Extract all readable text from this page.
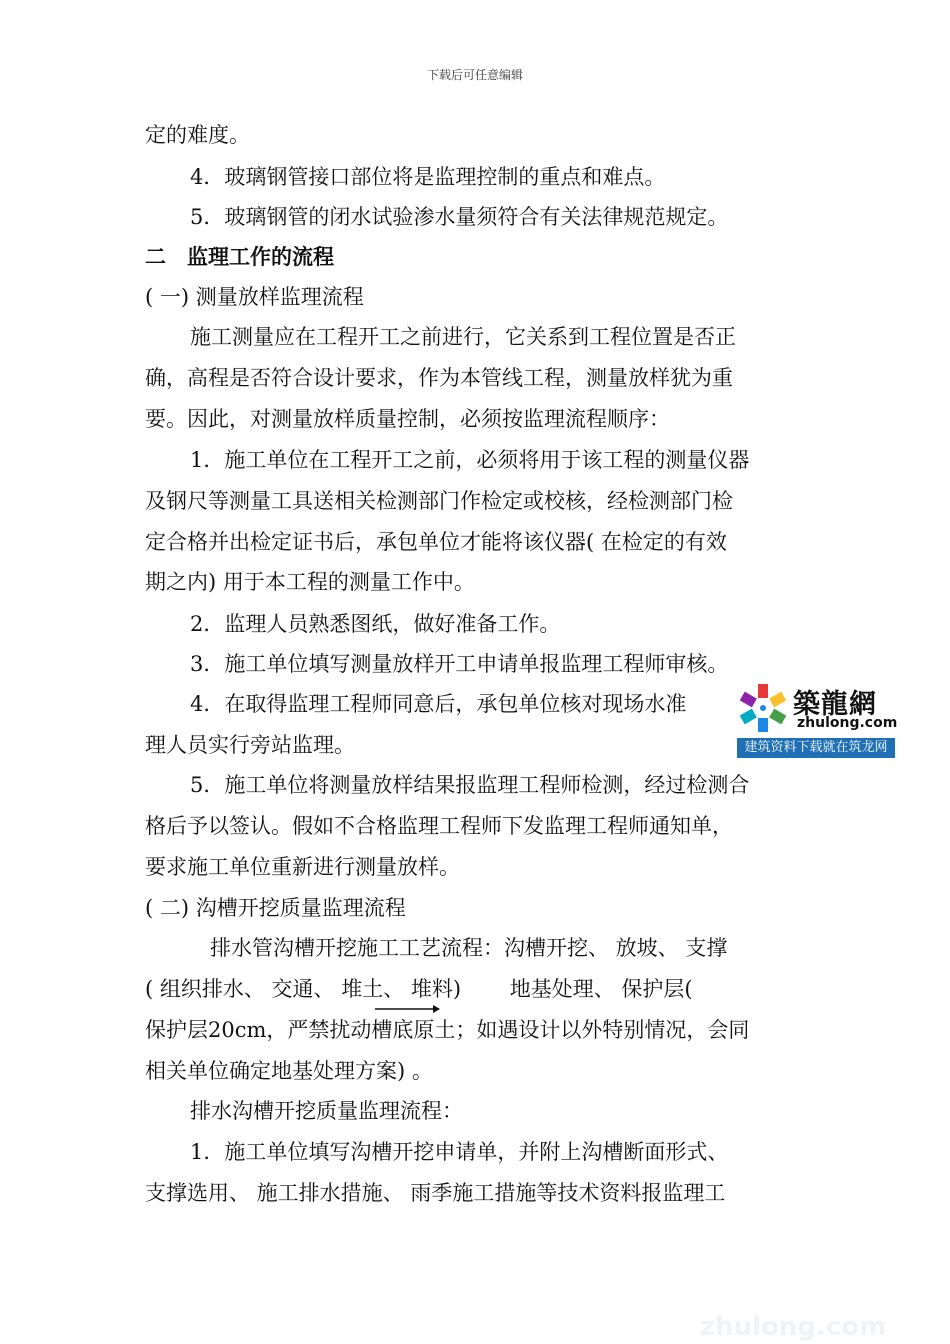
下载后可任意编辑
定的难度。
4．玻璃钢管接口部位将是监理控制的重点和难点。
5．玻璃钢管的闭水试验渗水量须符合有关法律规范规定。
二　监理工作的流程
( 一) 测量放样监理流程
施工测量应在工程开工之前进行，它关系到工程位置是否正
确，高程是否符合设计要求，作为本管线工程，测量放样犹为重
要。因此，对测量放样质量控制，必须按监理流程顺序：
1．施工单位在工程开工之前，必须将用于该工程的测量仪器
及钢尺等测量工具送相关检测部门作检定或校核，经检测部门检
定合格并出检定证书后，承包单位才能将该仪器( 在检定的有效
期之内) 用于本工程的测量工作中。
2．监理人员熟悉图纸，做好准备工作。
3．施工单位填写测量放样开工申请单报监理工程师审核。
4．在取得监理工程师同意后，承包单位核对现场水准
理人员实行旁站监理。
5．施工单位将测量放样结果报监理工程师检测，经过检测合
格后予以签认。假如不合格监理工程师下发监理工程师通知单，
要求施工单位重新进行测量放样。
( 二) 沟槽开挖质量监理流程
排水管沟槽开挖施工工艺流程：沟槽开挖、 放坡、 支撑
( 组织排水、 交通、 堆土、 堆料)　　 地基处理、 保护层(
保护层20cm，严禁扰动槽底原土；如遇设计以外特别情况，会同
相关单位确定地基处理方案) 。
排水沟槽开挖质量监理流程：
1．施工单位填写沟槽开挖申请单，并附上沟槽断面形式、
支撑选用、 施工排水措施、 雨季施工措施等技术资料报监理工
築龍網
zhulong.com
建筑资料下载就在筑龙网
zhulong.com
